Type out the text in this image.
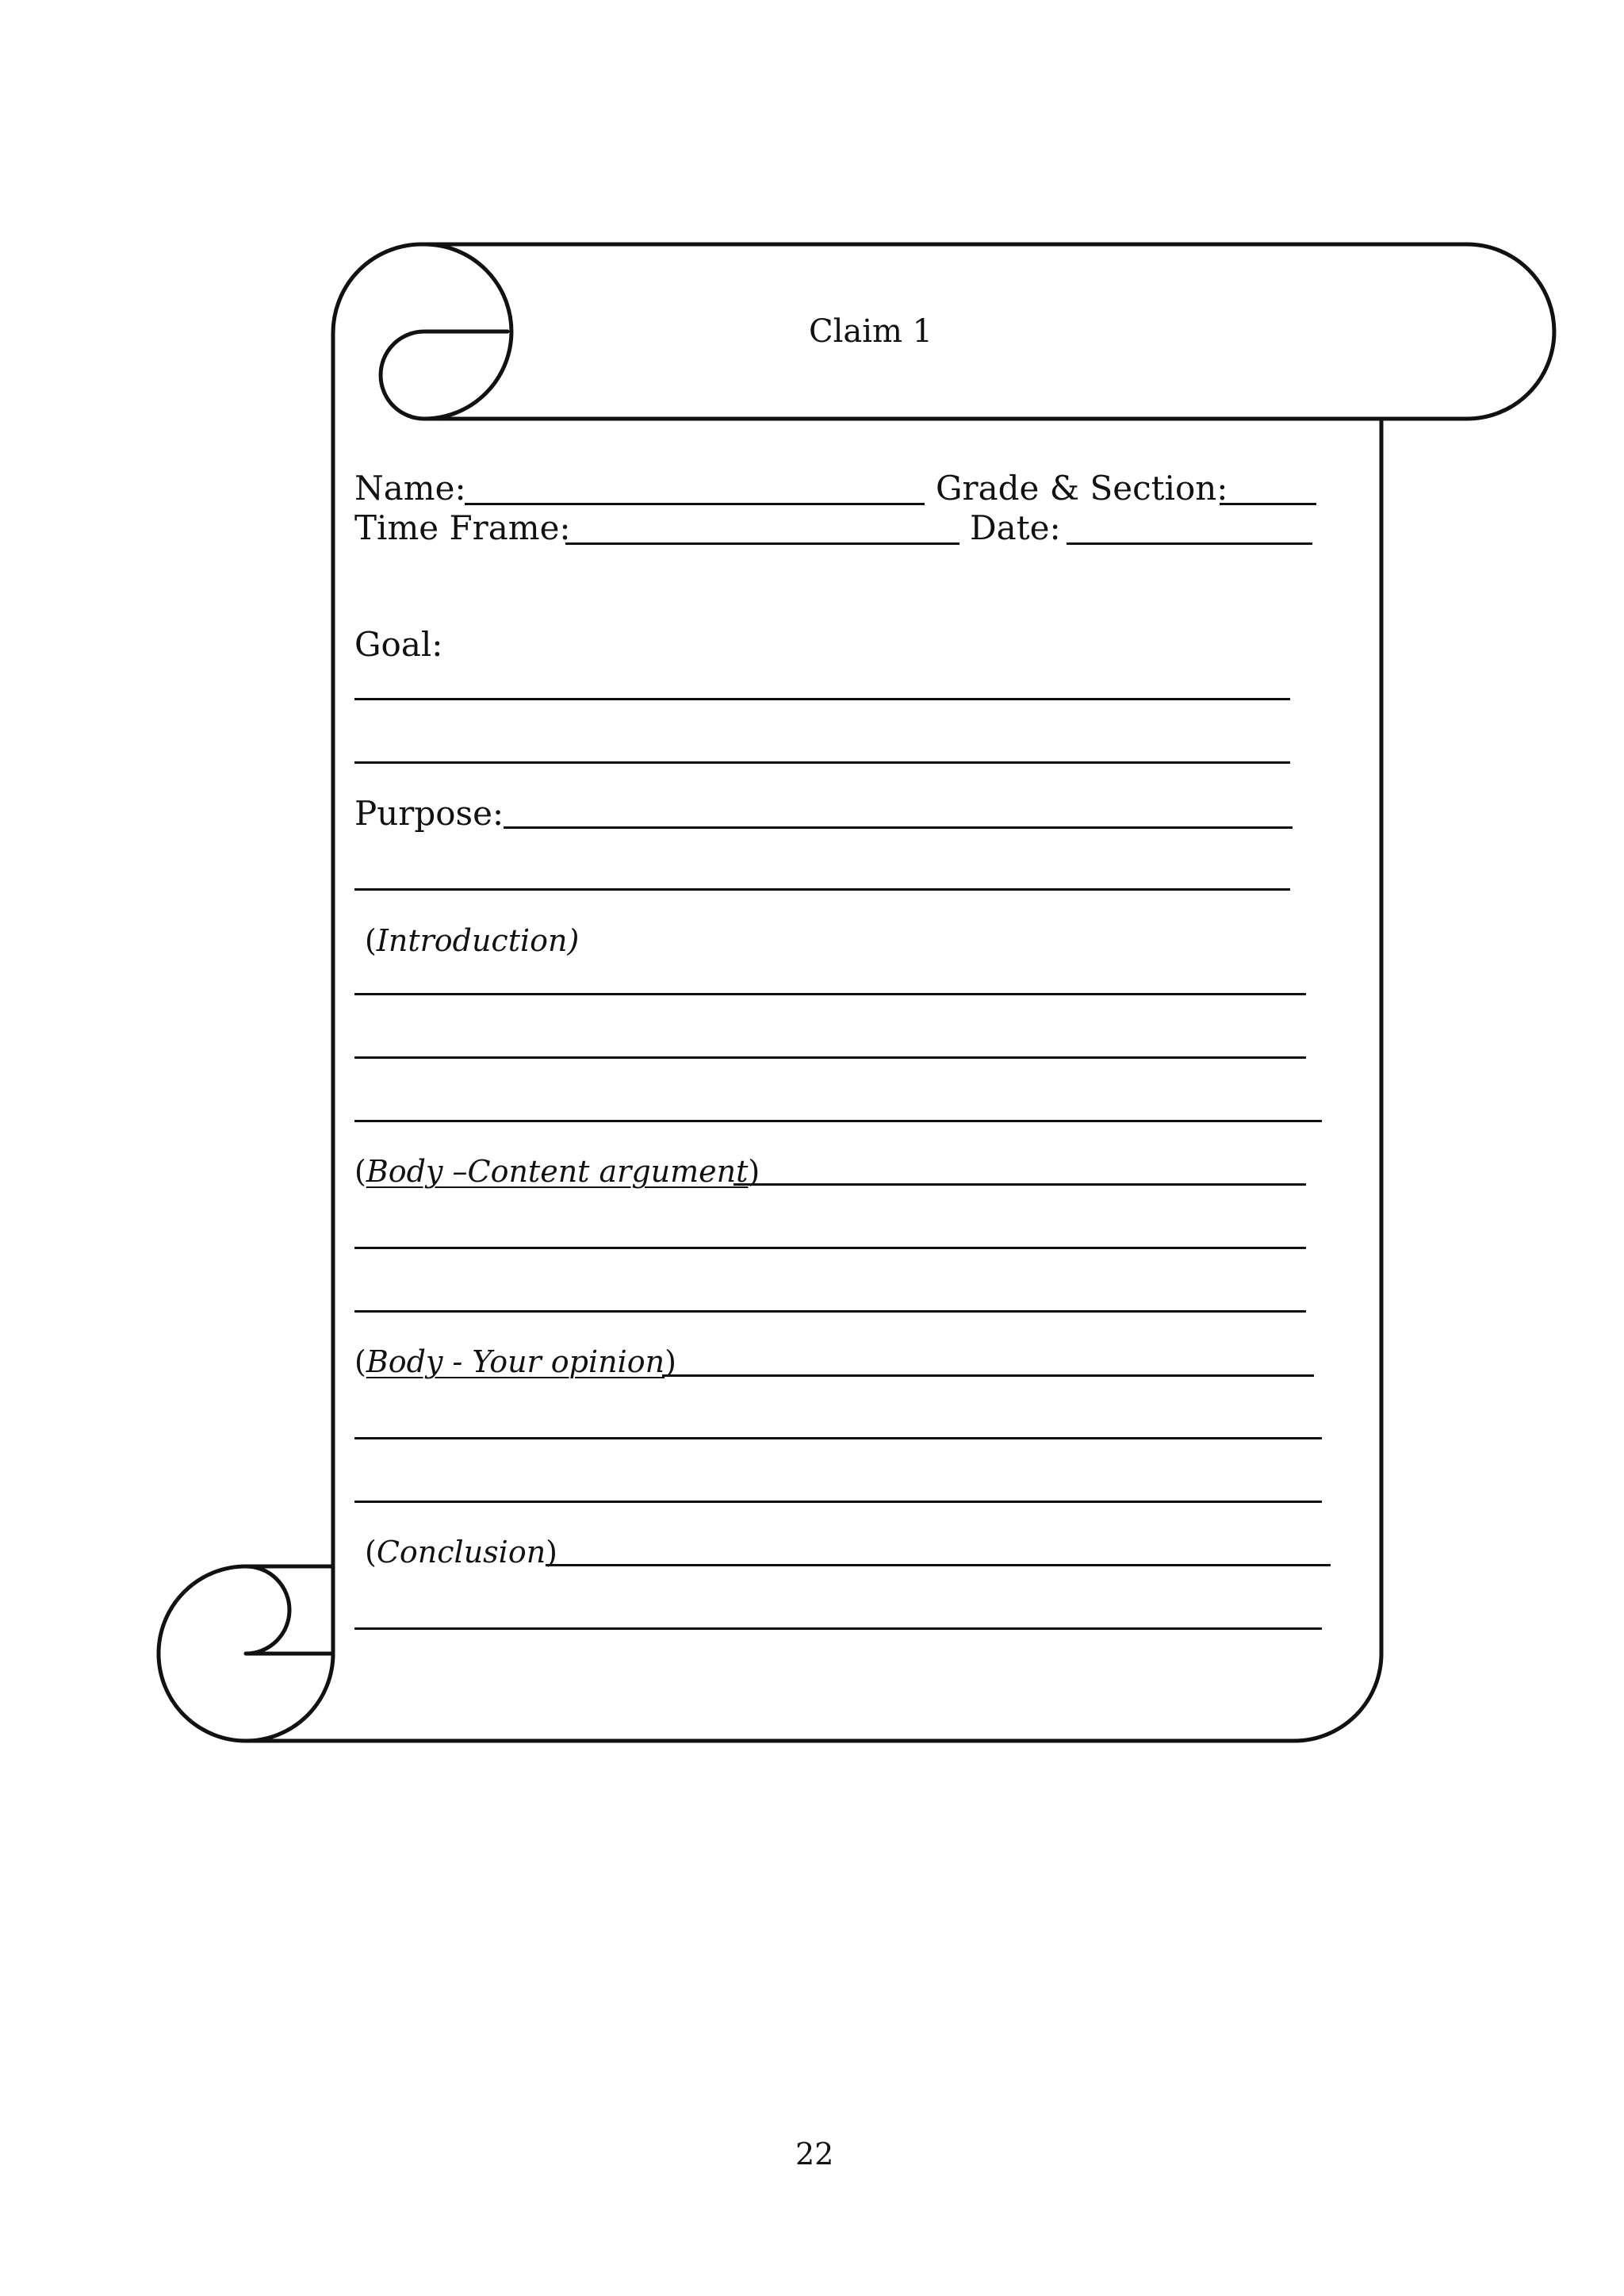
Claim 1
Name:	Grade & Section:
Time Frame:	Date:
Goal:
Purpose:
(Introduction)
(Body –Content argument)
(Body - Your opinion)
(Conclusion)
22
